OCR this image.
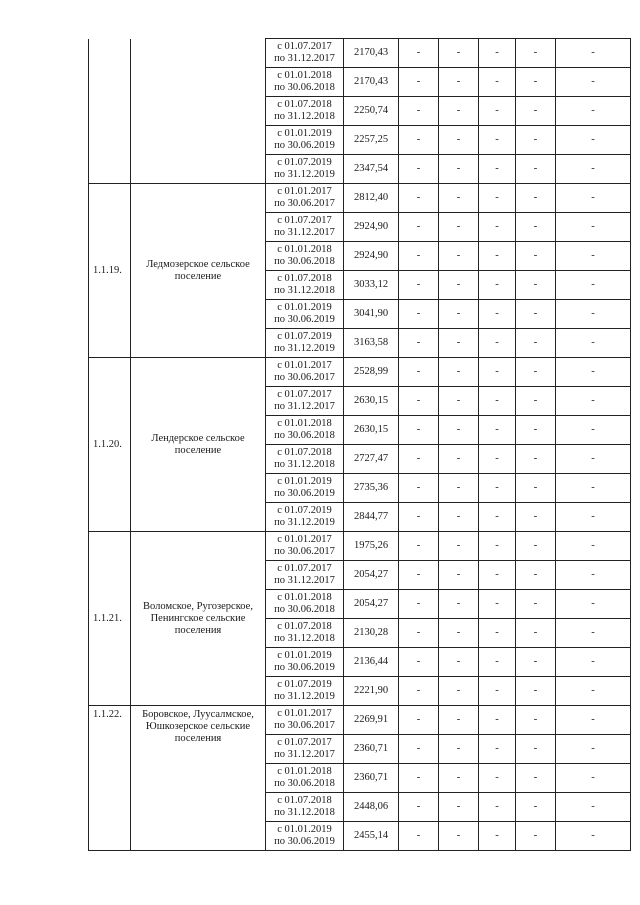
		с 01.07.2017
по 31.12.2017	2170,43	-	-	-	-	-

		с 01.01.2018
по 30.06.2018	2170,43	-	-	-	-	-

		с 01.07.2018
по 31.12.2018	2250,74	-	-	-	-	-

		с 01.01.2019
по 30.06.2019	2257,25	-	-	-	-	-

		с 01.07.2019
по 31.12.2019	2347,54	-	-	-	-	-
1.1.19.	Ледмозерское сельское поселение	с 01.01.2017
по 30.06.2017	2812,40	-	-	-	-	-

		с 01.07.2017
по 31.12.2017	2924,90	-	-	-	-	-

		с 01.01.2018
по 30.06.2018	2924,90	-	-	-	-	-

		с 01.07.2018
по 31.12.2018	3033,12	-	-	-	-	-

		с 01.01.2019
по 30.06.2019	3041,90	-	-	-	-	-

		с 01.07.2019
по 31.12.2019	3163,58	-	-	-	-	-
1.1.20.	Лендерское сельское поселение	с 01.01.2017
по 30.06.2017	2528,99	-	-	-	-	-

		с 01.07.2017
по 31.12.2017	2630,15	-	-	-	-	-

		с 01.01.2018
по 30.06.2018	2630,15	-	-	-	-	-

		с 01.07.2018
по 31.12.2018	2727,47	-	-	-	-	-

		с 01.01.2019
по 30.06.2019	2735,36	-	-	-	-	-

		с 01.07.2019
по 31.12.2019	2844,77	-	-	-	-	-
1.1.21.	Воломское, Ругозерское, Пенингское сельские поселения	с 01.01.2017
по 30.06.2017	1975,26	-	-	-	-	-

		с 01.07.2017
по 31.12.2017	2054,27	-	-	-	-	-

		с 01.01.2018
по 30.06.2018	2054,27	-	-	-	-	-

		с 01.07.2018
по 31.12.2018	2130,28	-	-	-	-	-

		с 01.01.2019
по 30.06.2019	2136,44	-	-	-	-	-

		с 01.07.2019
по 31.12.2019	2221,90	-	-	-	-	-
1.1.22.	Боровское, Луусалмское, Юшкозерское сельские поселения	с 01.01.2017
по 30.06.2017	2269,91	-	-	-	-	-

		с 01.07.2017
по 31.12.2017	2360,71	-	-	-	-	-

		с 01.01.2018
по 30.06.2018	2360,71	-	-	-	-	-

		с 01.07.2018
по 31.12.2018	2448,06	-	-	-	-	-

		с 01.01.2019
по 30.06.2019	2455,14	-	-	-	-	-
